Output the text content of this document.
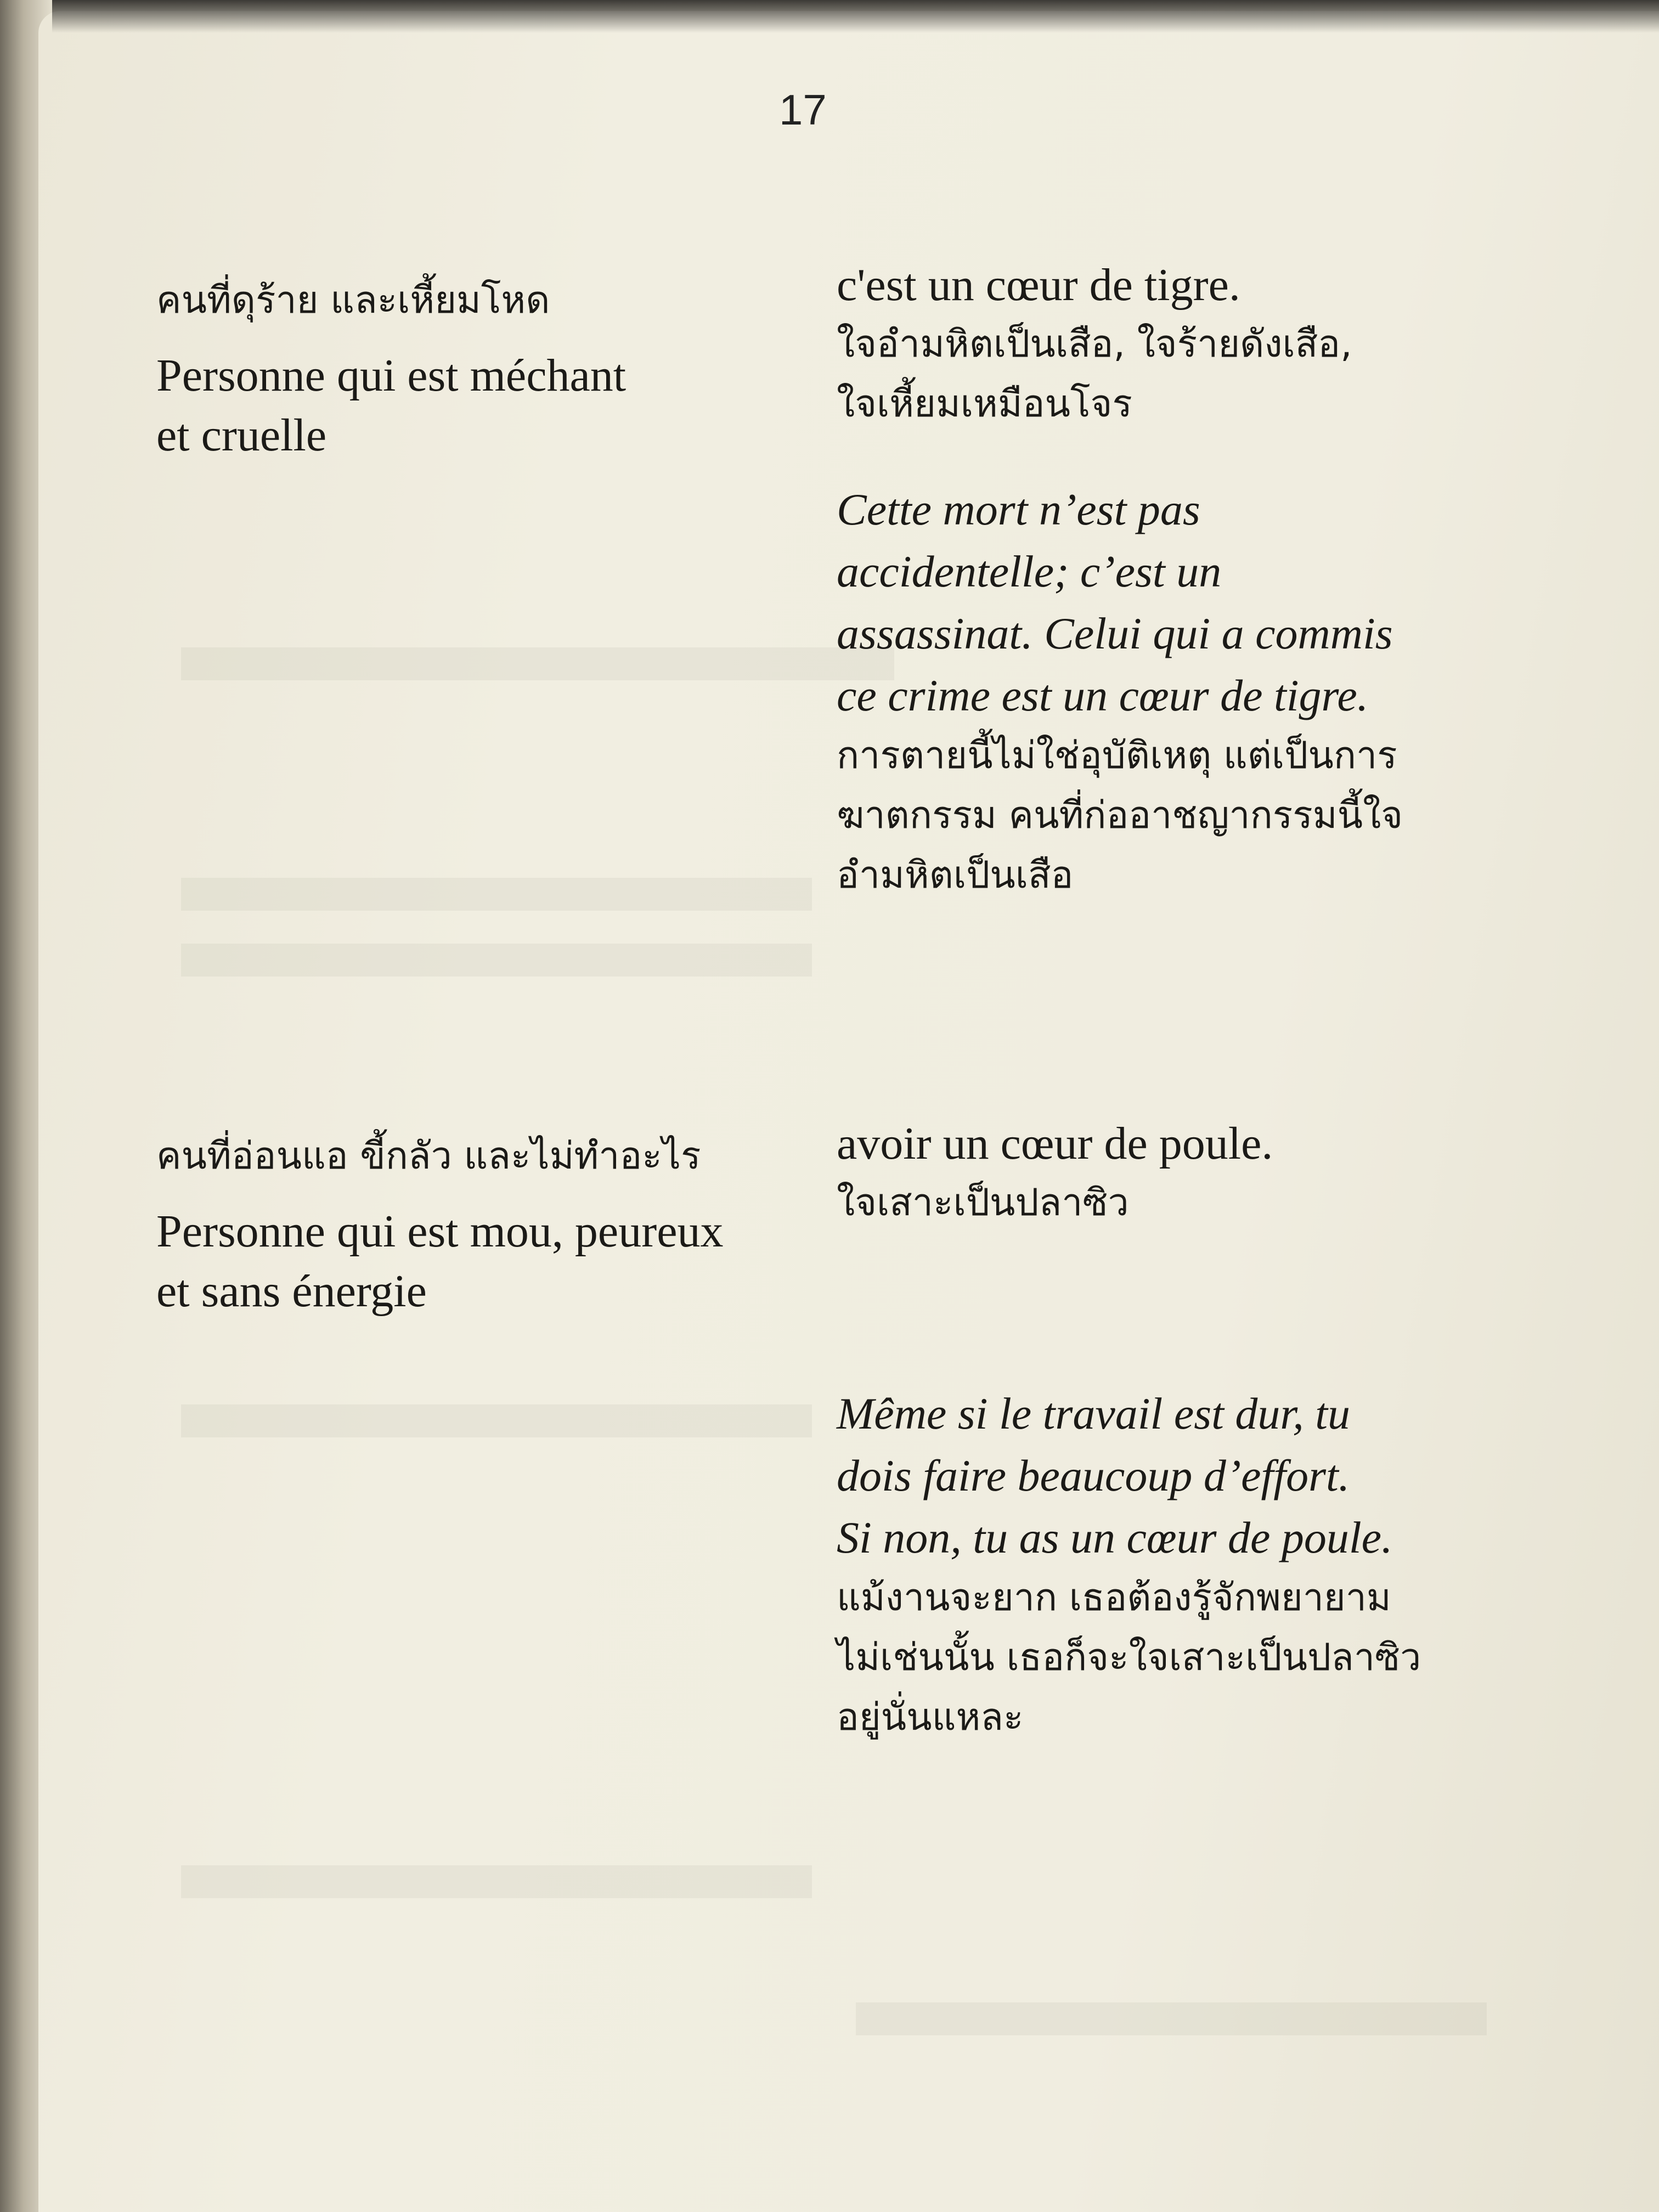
17

คนที่ดุร้าย และเหี้ยมโหด

Personne qui est méchant
et cruelle

คนที่อ่อนแอ ขี้กลัว และไม่ทำอะไร

Personne qui est mou, peureux
et sans énergie

c'est un cœur de tigre.

ใจอำมหิตเป็นเสือ, ใจร้ายดังเสือ,
ใจเหี้ยมเหมือนโจร

Cette mort n’est pas
accidentelle; c’est un
assassinat. Celui qui a commis
ce crime est un cœur de tigre.

การตายนี้ไม่ใช่อุบัติเหตุ แต่เป็นการ
ฆาตกรรม คนที่ก่ออาชญากรรมนี้ใจ
อำมหิตเป็นเสือ

avoir un cœur de poule.

ใจเสาะเป็นปลาซิว

Même si le travail est dur, tu
dois faire beaucoup d’effort.
Si non, tu as un cœur de poule.

แม้งานจะยาก เธอต้องรู้จักพยายาม
ไม่เช่นนั้น เธอก็จะใจเสาะเป็นปลาซิว
อยู่นั่นแหละ
